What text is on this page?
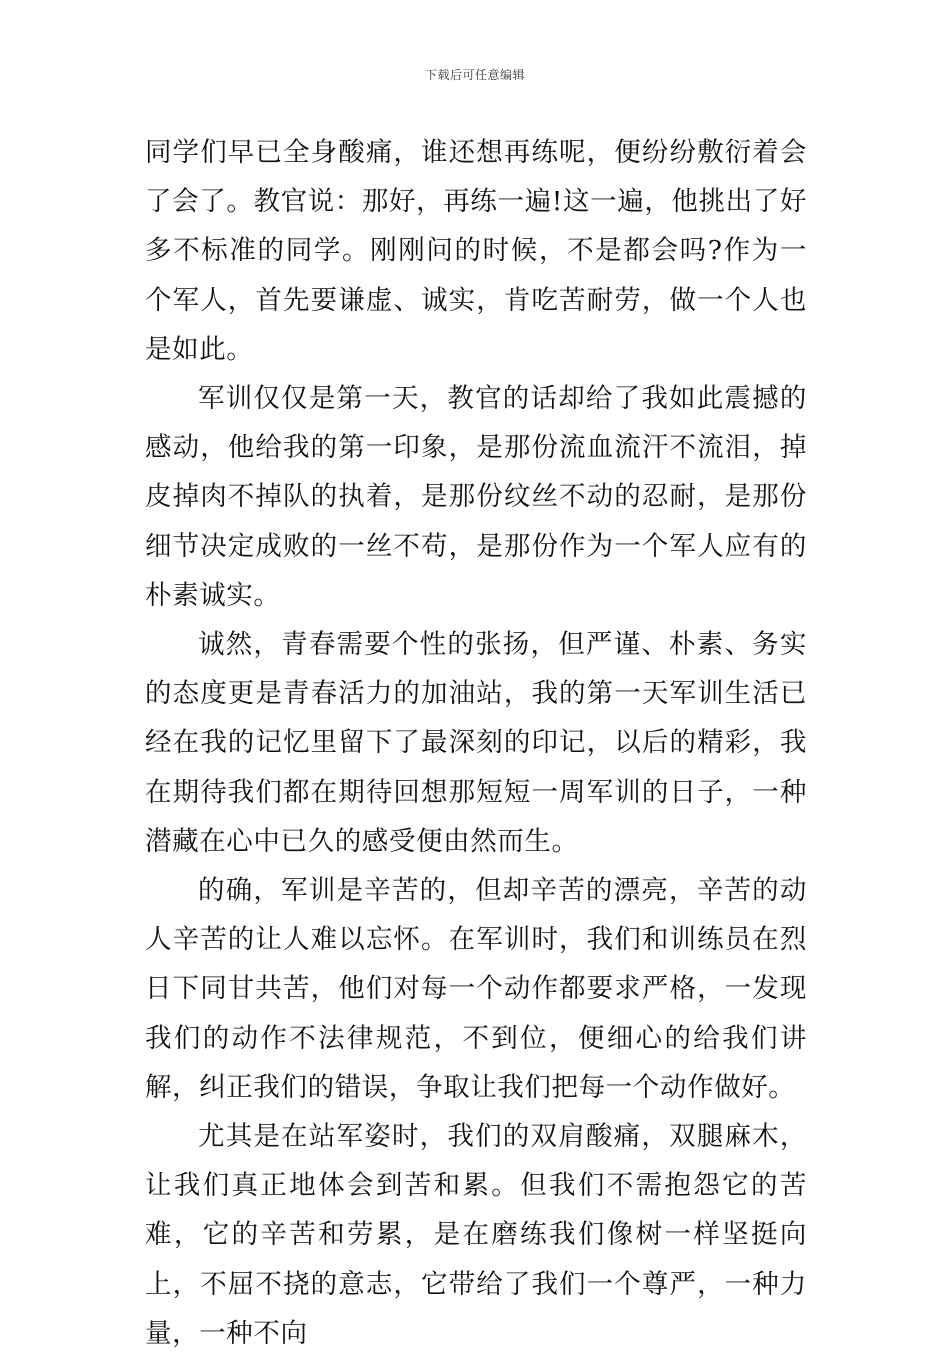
下载后可任意编辑

同学们早已全身酸痛，谁还想再练呢，便纷纷敷衍着会了会了。教官说：那好，再练一遍!这一遍，他挑出了好多不标准的同学。刚刚问的时候，不是都会吗?作为一个军人，首先要谦虚、诚实，肯吃苦耐劳，做一个人也是如此。

军训仅仅是第一天，教官的话却给了我如此震撼的感动，他给我的第一印象，是那份流血流汗不流泪，掉皮掉肉不掉队的执着，是那份纹丝不动的忍耐，是那份细节决定成败的一丝不苟，是那份作为一个军人应有的朴素诚实。

诚然，青春需要个性的张扬，但严谨、朴素、务实的态度更是青春活力的加油站，我的第一天军训生活已经在我的记忆里留下了最深刻的印记，以后的精彩，我在期待我们都在期待回想那短短一周军训的日子，一种潜藏在心中已久的感受便由然而生。

的确，军训是辛苦的，但却辛苦的漂亮，辛苦的动人辛苦的让人难以忘怀。在军训时，我们和训练员在烈日下同甘共苦，他们对每一个动作都要求严格，一发现我们的动作不法律规范，不到位，便细心的给我们讲解，纠正我们的错误，争取让我们把每一个动作做好。

尤其是在站军姿时，我们的双肩酸痛，双腿麻木，让我们真正地体会到苦和累。但我们不需抱怨它的苦难，它的辛苦和劳累，是在磨练我们像树一样坚挺向上，不屈不挠的意志，它带给了我们一个尊严，一种力量，一种不向
